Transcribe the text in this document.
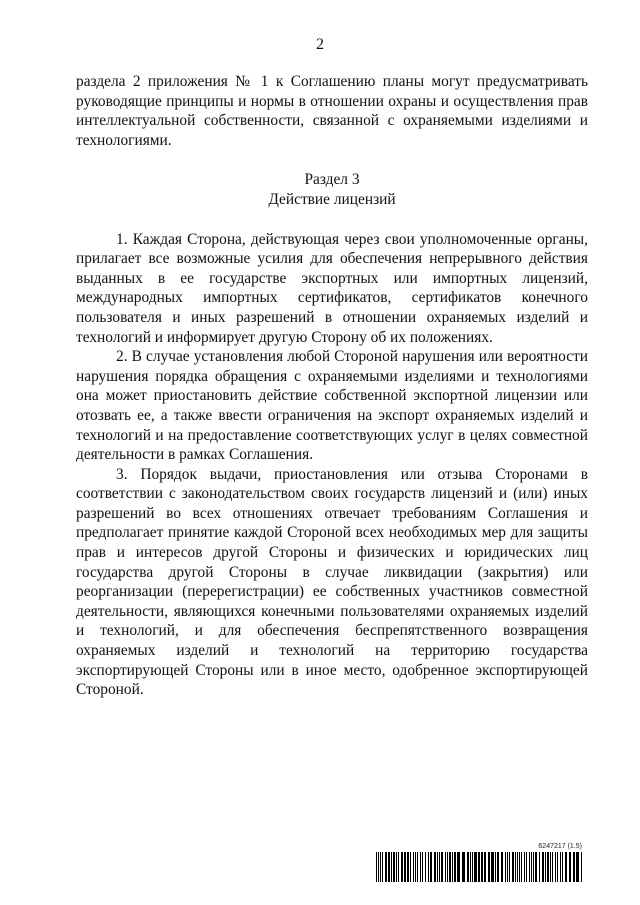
2

раздела 2 приложения № 1 к Соглашению планы могут предусматривать руководящие принципы и нормы в отношении охраны и осуществления прав интеллектуальной собственности, связанной с охраняемыми изделиями и технологиями.

Раздел 3
Действие лицензий

1. Каждая Сторона, действующая через свои уполномоченные органы, прилагает все возможные усилия для обеспечения непрерывного действия выданных в ее государстве экспортных или импортных лицензий, международных импортных сертификатов, сертификатов конечного пользователя и иных разрешений в отношении охраняемых изделий и технологий и информирует другую Сторону об их положениях.

2. В случае установления любой Стороной нарушения или вероятности нарушения порядка обращения с охраняемыми изделиями и технологиями она может приостановить действие собственной экспортной лицензии или отозвать ее, а также ввести ограничения на экспорт охраняемых изделий и технологий и на предоставление соответствующих услуг в целях совместной деятельности в рамках Соглашения.

3. Порядок выдачи, приостановления или отзыва Сторонами в соответствии с законодательством своих государств лицензий и (или) иных разрешений во всех отношениях отвечает требованиям Соглашения и предполагает принятие каждой Стороной всех необходимых мер для защиты прав и интересов другой Стороны и физических и юридических лиц государства другой Стороны в случае ликвидации (закрытия) или реорганизации (перерегистрации) ее собственных участников совместной деятельности, являющихся конечными пользователями охраняемых изделий и технологий, и для обеспечения беспрепятственного возвращения охраняемых изделий и технологий на территорию государства экспортирующей Стороны или в иное место, одобренное экспортирующей Стороной.

6247217 (1.5)
